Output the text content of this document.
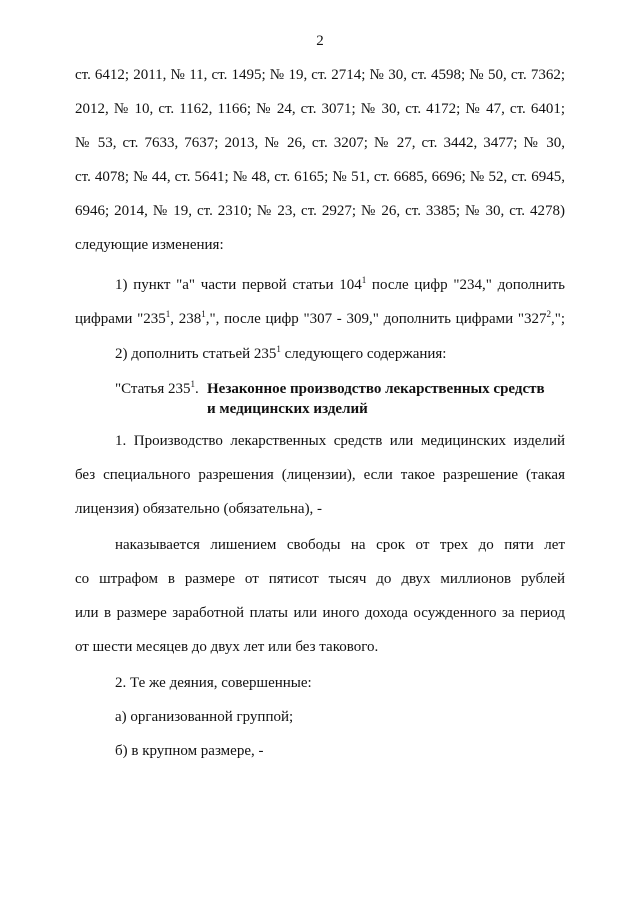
2
ст. 6412; 2011, № 11, ст. 1495; № 19, ст. 2714; № 30, ст. 4598; № 50, ст. 7362;
2012, № 10, ст. 1162, 1166; № 24, ст. 3071; № 30, ст. 4172; № 47, ст. 6401;
№ 53, ст. 7633, 7637; 2013, № 26, ст. 3207; № 27, ст. 3442, 3477; № 30,
ст. 4078; № 44, ст. 5641; № 48, ст. 6165; № 51, ст. 6685, 6696; № 52, ст. 6945,
6946; 2014, № 19, ст. 2310; № 23, ст. 2927; № 26, ст. 3385; № 30, ст. 4278)
следующие изменения:
1) пункт "а" части первой статьи $104^1$ после цифр "234," дополнить
цифрами "$235^1$, $238^1$,", после цифр "307 - 309," дополнить цифрами "$327^2$,";
2) дополнить статьей $235^1$ следующего содержания:
"Статья $235^1$. Незаконное производство лекарственных средств
и медицинских изделий
1. Производство лекарственных средств или медицинских изделий
без специального разрешения (лицензии), если такое разрешение (такая
лицензия) обязательно (обязательна), -
наказывается лишением свободы на срок от трех до пяти лет
со штрафом в размере от пятисот тысяч до двух миллионов рублей
или в размере заработной платы или иного дохода осужденного за период
от шести месяцев до двух лет или без такового.
2. Те же деяния, совершенные:
а) организованной группой;
б) в крупном размере, -
